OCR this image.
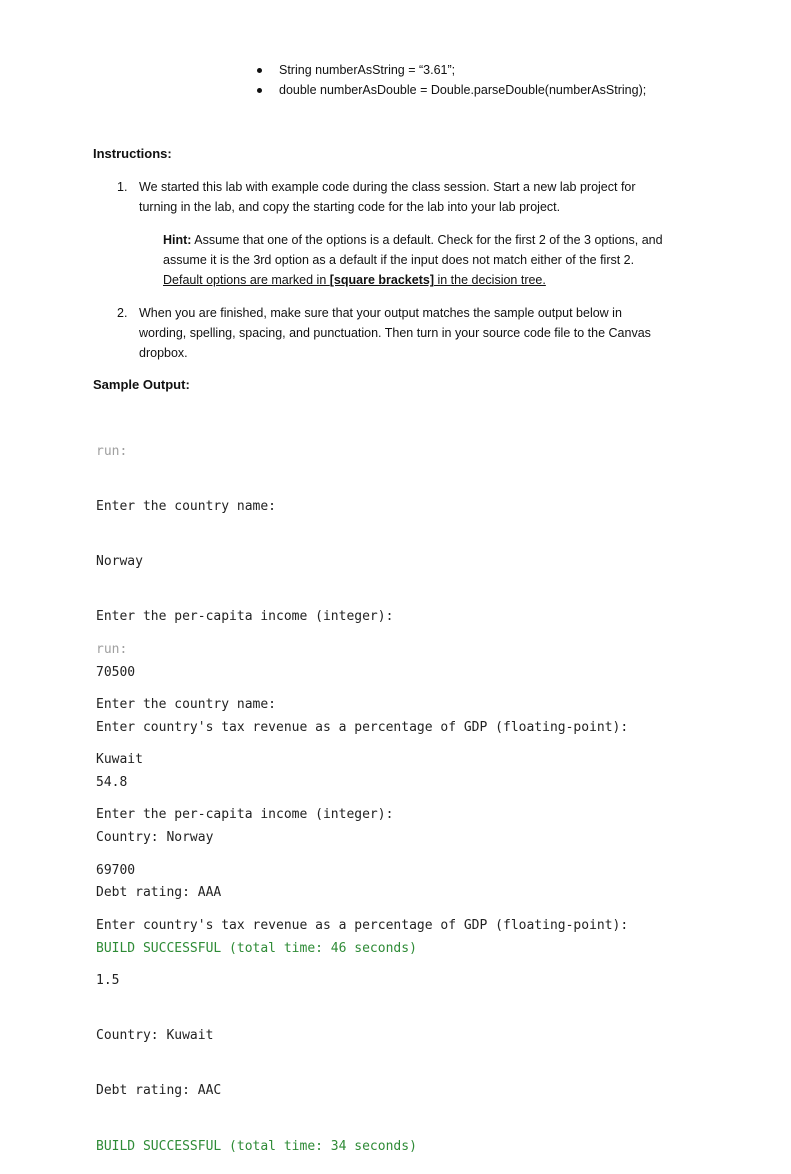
String numberAsString = “3.61”;
double numberAsDouble = Double.parseDouble(numberAsString);
Instructions:
1. We started this lab with example code during the class session. Start a new lab project for
turning in the lab, and copy the starting code for the lab into your lab project.
Hint: Assume that one of the options is a default. Check for the first 2 of the 3 options, and
assume it is the 3rd option as a default if the input does not match either of the first 2.
Default options are marked in [square brackets] in the decision tree.
2. When you are finished, make sure that your output matches the sample output below in
wording, spelling, spacing, and punctuation. Then turn in your source code file to the Canvas
dropbox.
Sample Output:

run:

Enter the country name:

Norway

Enter the per-capita income (integer):

70500

Enter country's tax revenue as a percentage of GDP (floating-point):

54.8

Country: Norway

Debt rating: AAA

BUILD SUCCESSFUL (total time: 46 seconds)

run:

Enter the country name:

Kuwait

Enter the per-capita income (integer):

69700

Enter country's tax revenue as a percentage of GDP (floating-point):

1.5

Country: Kuwait

Debt rating: AAC

BUILD SUCCESSFUL (total time: 34 seconds)
